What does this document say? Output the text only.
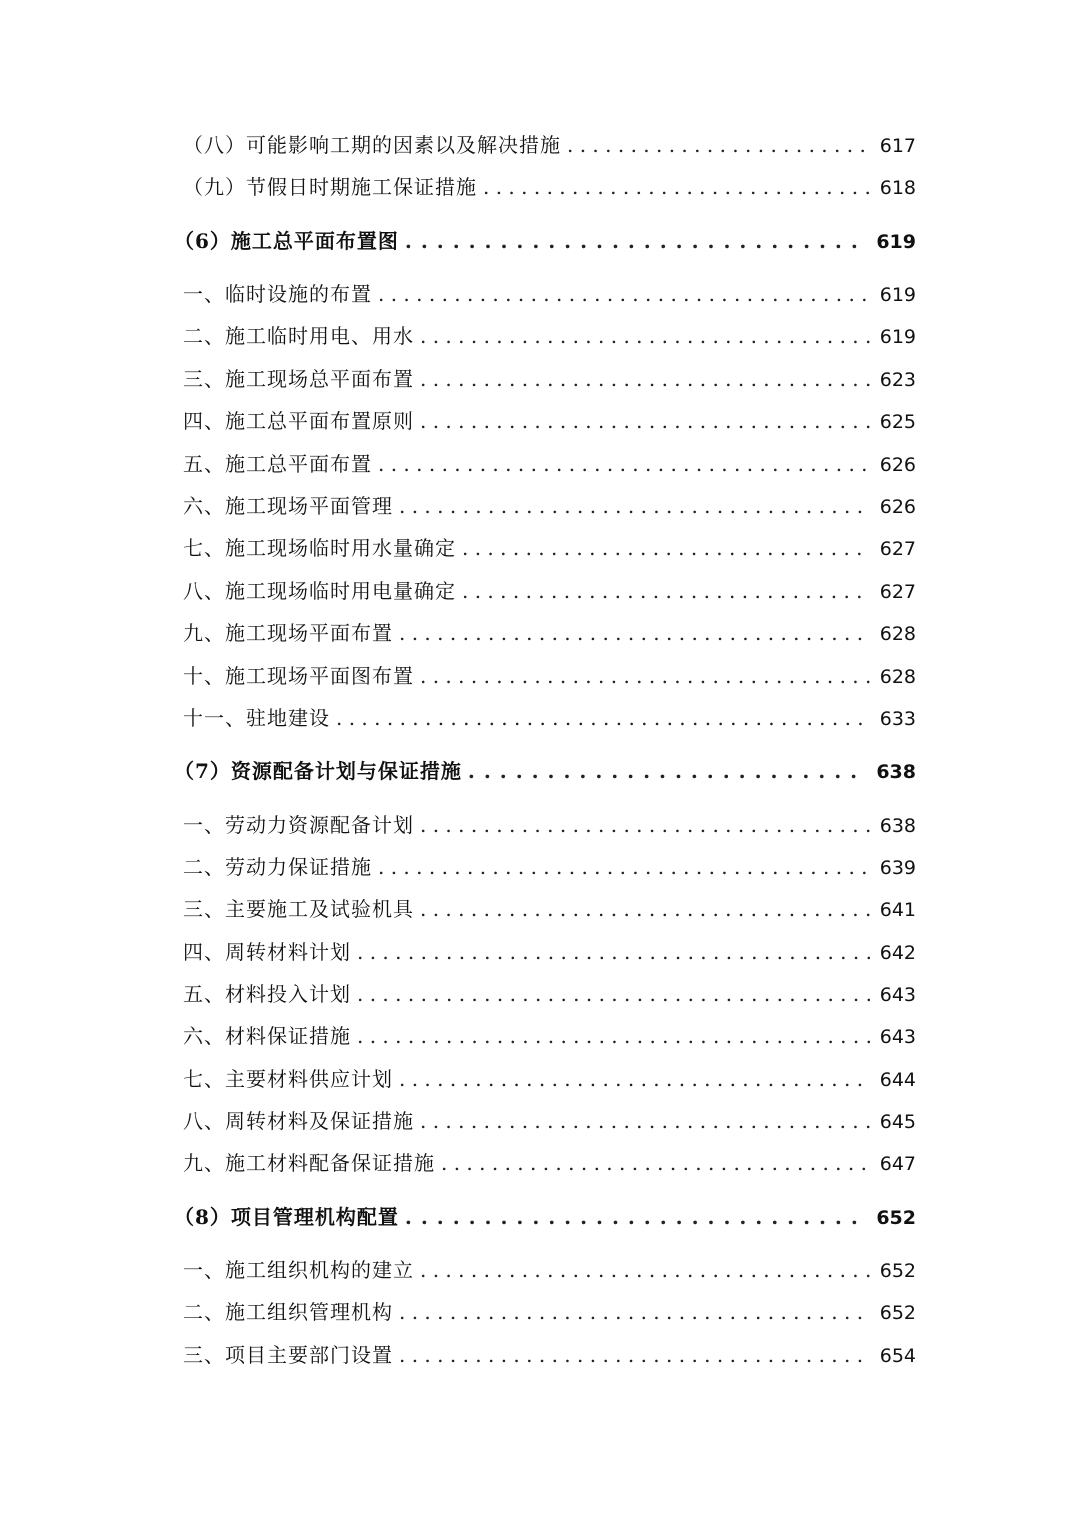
（八）可能影响工期的因素以及解决措施 . . .	617
（九）节假日时期施工保证措施 . . .	618
（6）施工总平面布置图 . . .	619
一、临时设施的布置 . . .	619
二、施工临时用电、用水 . . .	619
三、施工现场总平面布置 . . .	623
四、施工总平面布置原则 . . .	625
五、施工总平面布置 . . .	626
六、施工现场平面管理 . . .	626
七、施工现场临时用水量确定 . . .	627
八、施工现场临时用电量确定 . . .	627
九、施工现场平面布置 . . .	628
十、施工现场平面图布置 . . .	628
十一、驻地建设 . . .	633
（7）资源配备计划与保证措施 . . .	638
一、劳动力资源配备计划 . . .	638
二、劳动力保证措施 . . .	639
三、主要施工及试验机具 . . .	641
四、周转材料计划 . . .	642
五、材料投入计划 . . .	643
六、材料保证措施 . . .	643
七、主要材料供应计划 . . .	644
八、周转材料及保证措施 . . .	645
九、施工材料配备保证措施 . . .	647
（8）项目管理机构配置 . . .	652
一、施工组织机构的建立 . . .	652
二、施工组织管理机构 . . .	652
三、项目主要部门设置 . . .	654
